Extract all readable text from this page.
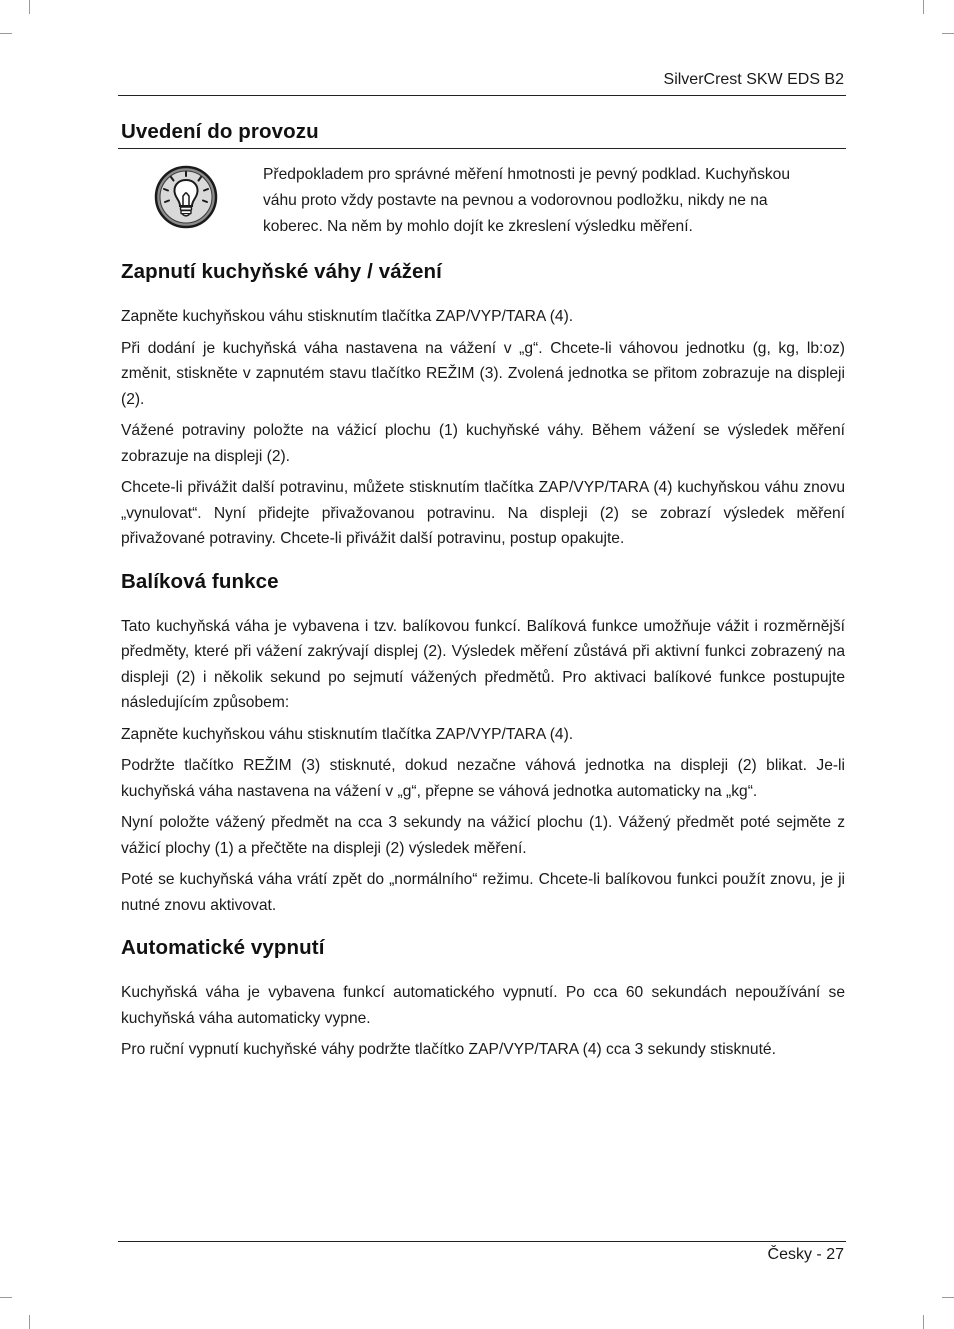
SilverCrest SKW EDS B2
Uvedení do provozu

Předpokladem pro správné měření hmotnosti je pevný podklad. Kuchyňskou váhu proto vždy postavte na pevnou a vodorovnou podložku, nikdy ne na koberec. Na něm by mohlo dojít ke zkreslení výsledku měření.

Zapnutí kuchyňské váhy / vážení

Zapněte kuchyňskou váhu stisknutím tlačítka ZAP/VYP/TARA (4).

Při dodání je kuchyňská váha nastavena na vážení v „g“. Chcete-li váhovou jednotku (g, kg, lb:oz) změnit, stiskněte v zapnutém stavu tlačítko REŽIM (3). Zvolená jednotka se přitom zobrazuje na displeji (2).

Vážené potraviny položte na vážicí plochu (1) kuchyňské váhy. Během vážení se výsledek měření zobrazuje na displeji (2).

Chcete-li přivážit další potravinu, můžete stisknutím tlačítka ZAP/VYP/TARA (4) kuchyňskou váhu znovu „vynulovat“. Nyní přidejte přivažovanou potravinu. Na displeji (2) se zobrazí výsledek měření přivažované potraviny. Chcete-li přivážit další potravinu, postup opakujte.

Balíková funkce

Tato kuchyňská váha je vybavena i tzv. balíkovou funkcí. Balíková funkce umožňuje vážit i rozměrnější předměty, které při vážení zakrývají displej (2). Výsledek měření zůstává při aktivní funkci zobrazený na displeji (2) i několik sekund po sejmutí vážených předmětů. Pro aktivaci balíkové funkce postupujte následujícím způsobem:

Zapněte kuchyňskou váhu stisknutím tlačítka ZAP/VYP/TARA (4).

Podržte tlačítko REŽIM (3) stisknuté, dokud nezačne váhová jednotka na displeji (2) blikat. Je-li kuchyňská váha nastavena na vážení v „g“, přepne se váhová jednotka automaticky na „kg“.

Nyní položte vážený předmět na cca 3 sekundy na vážicí plochu (1). Vážený předmět poté sejměte z vážicí plochy (1) a přečtěte na displeji (2) výsledek měření.

Poté se kuchyňská váha vrátí zpět do „normálního“ režimu. Chcete-li balíkovou funkci použít znovu, je ji nutné znovu aktivovat.

Automatické vypnutí

Kuchyňská váha je vybavena funkcí automatického vypnutí. Po cca 60 sekundách nepoužívání se kuchyňská váha automaticky vypne.

Pro ruční vypnutí kuchyňské váhy podržte tlačítko ZAP/VYP/TARA (4) cca 3 sekundy stisknuté.

Česky - 27
